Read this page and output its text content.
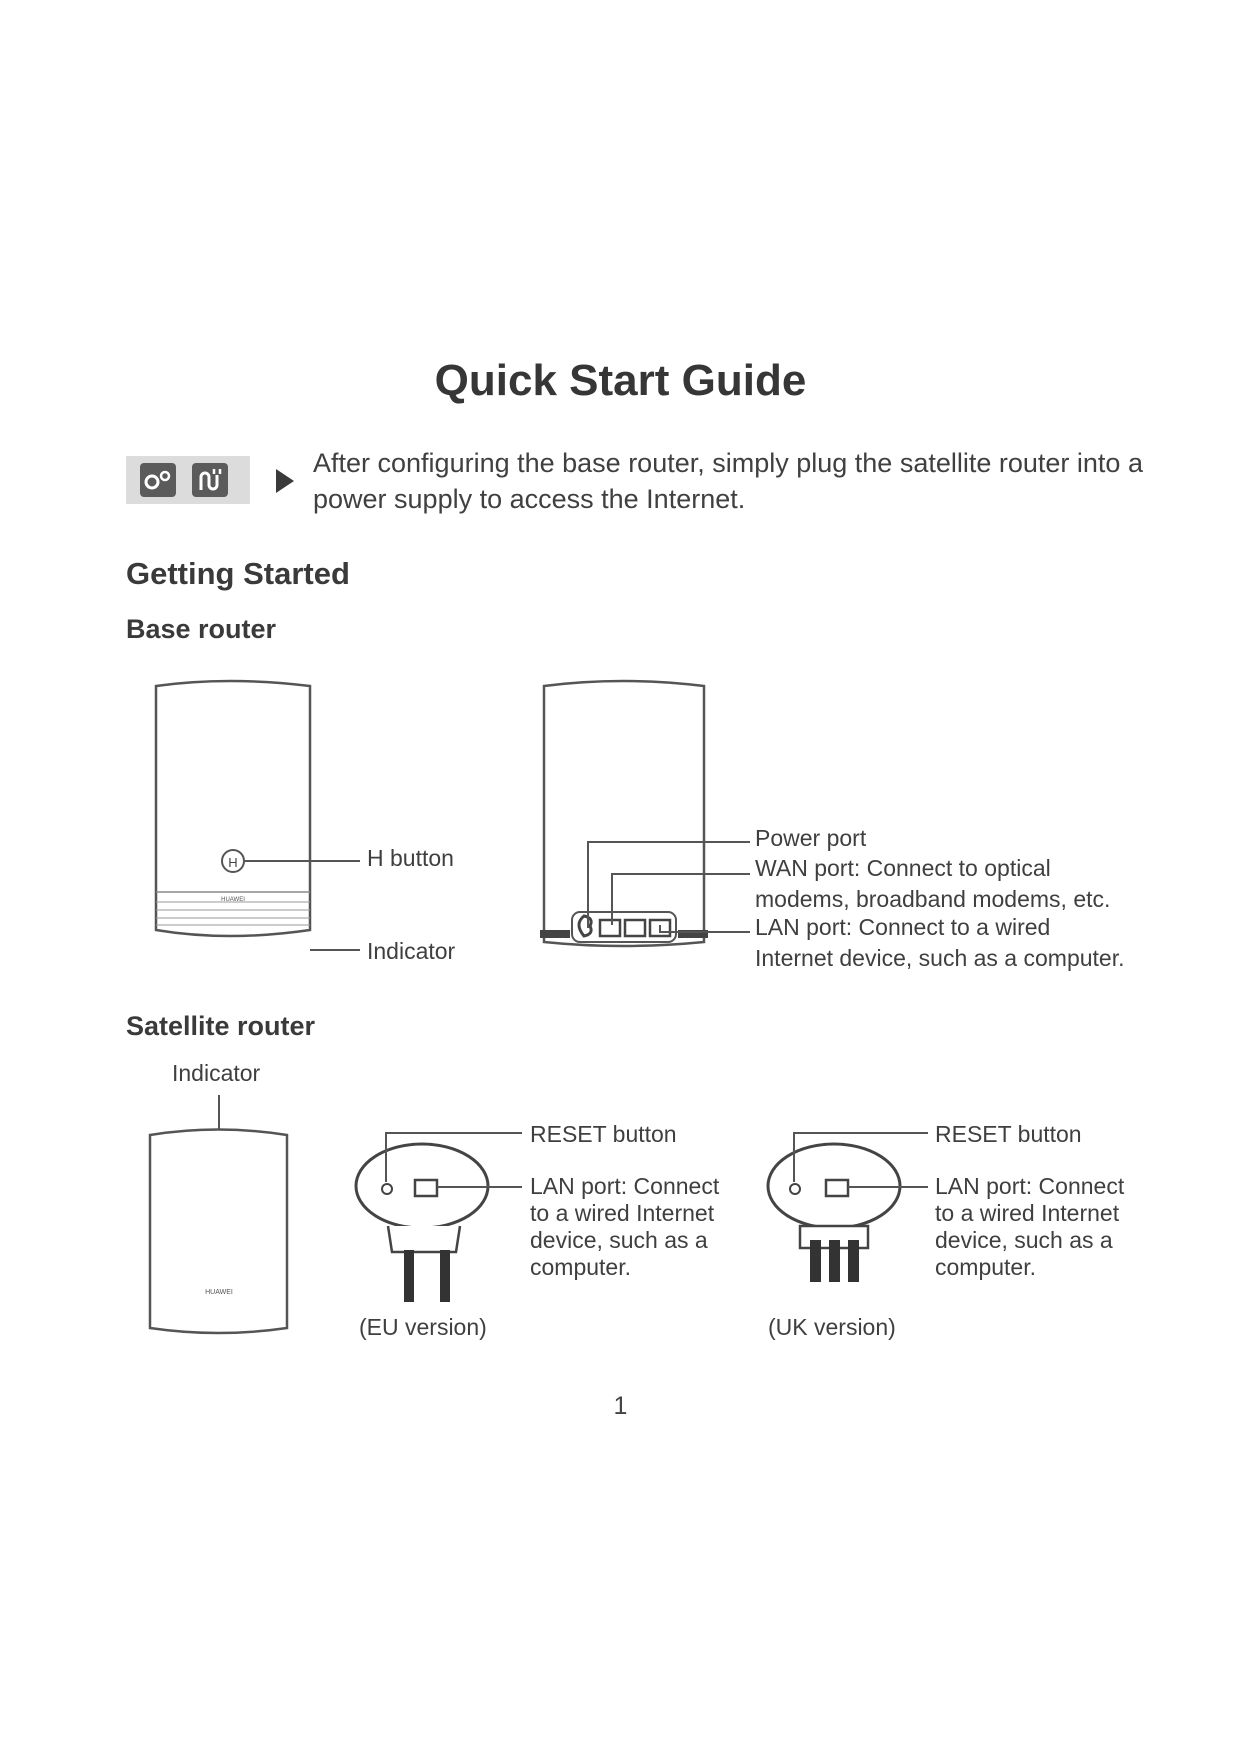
Quick Start Guide
After configuring the base router, simply plug the satellite router into a power supply to access the Internet.
Getting Started
Base router
H
HUAWEI
H button
Indicator
Power port
WAN port: Connect to optical
modems, broadband modems, etc.
LAN port: Connect to a wired
Internet device, such as a computer.
Satellite router
Indicator
HUAWEI
RESET button
LAN port: Connect
to a wired Internet
device, such as a
computer.
(EU version)
RESET button
LAN port: Connect
to a wired Internet
device, such as a
computer.
(UK version)
1
